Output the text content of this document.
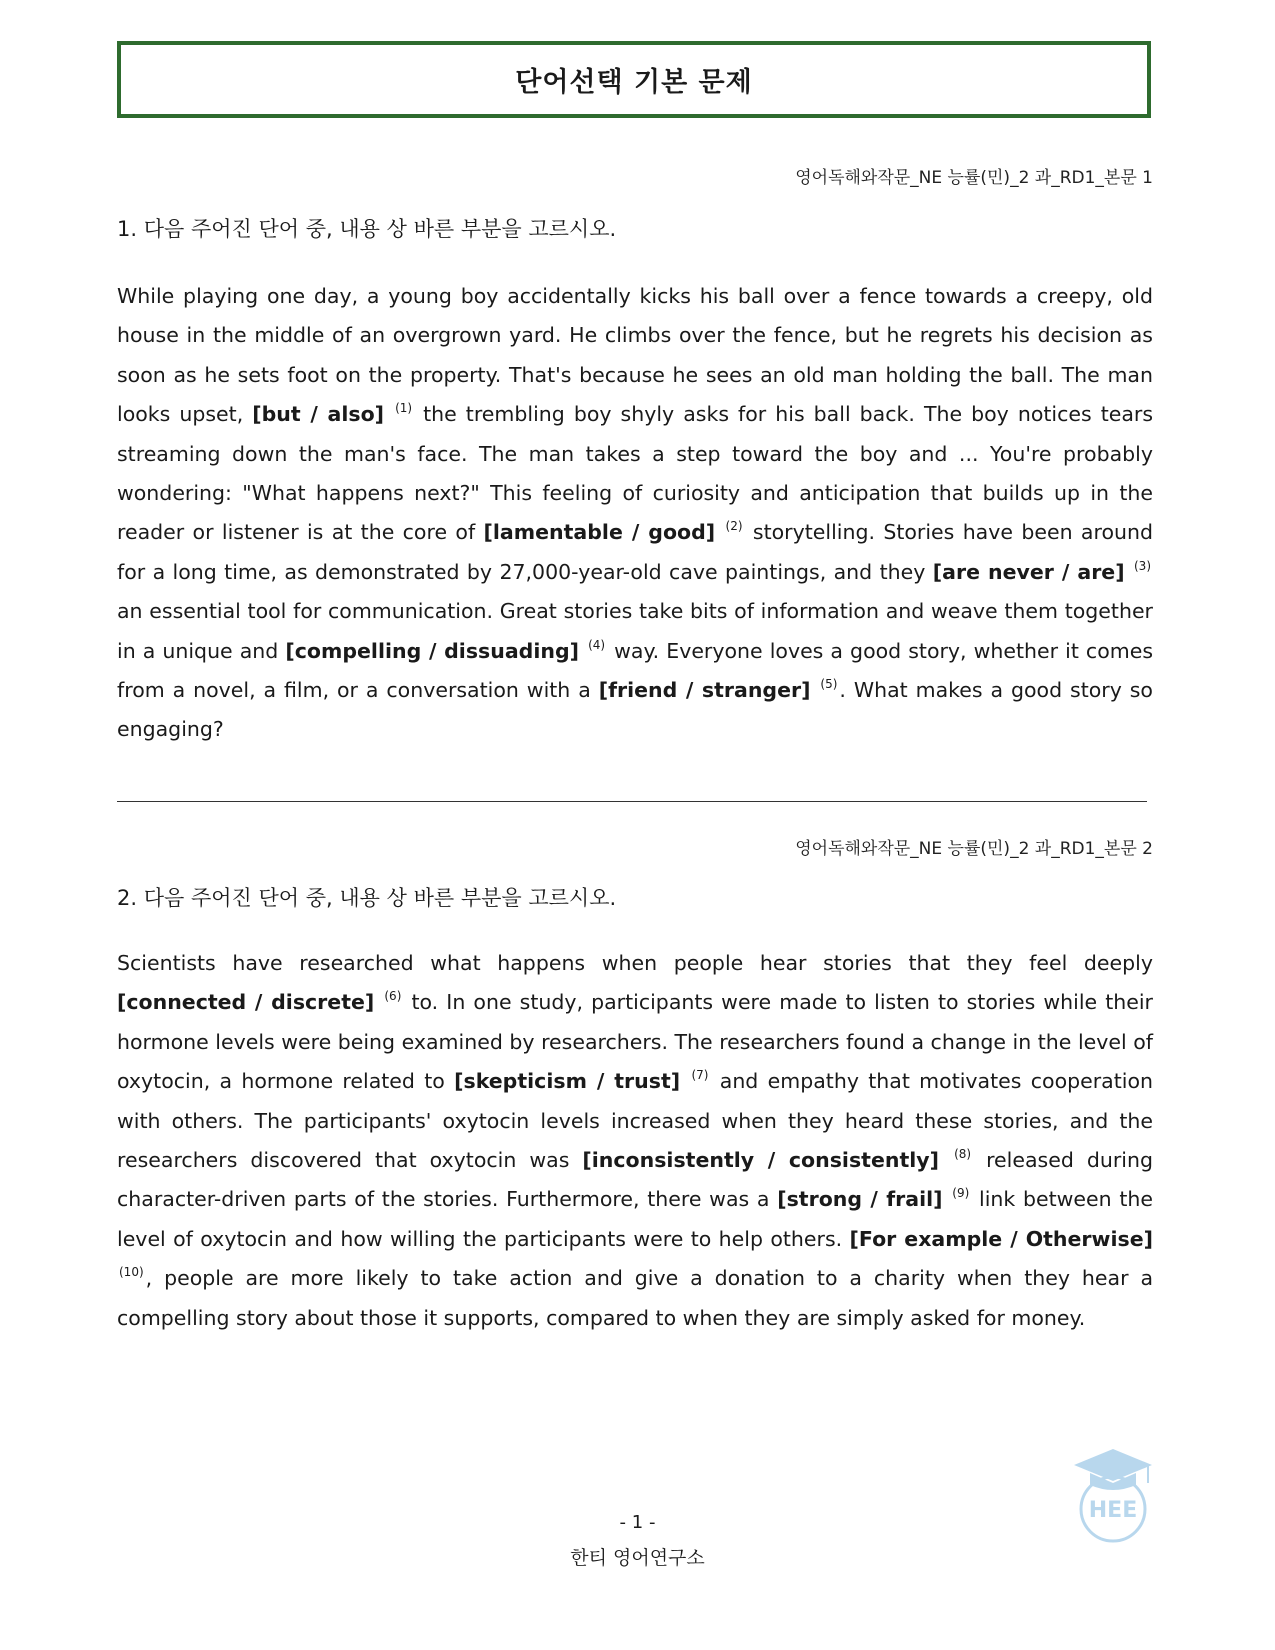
단어선택 기본 문제
영어독해와작문_NE 능률(민)_2 과_RD1_본문 1

1. 다음 주어진 단어 중, 내용 상 바른 부분을 고르시오.

While playing one day, a young boy accidentally kicks his ball over a fence towards a creepy, old house in the middle of an overgrown yard. He climbs over the fence, but he regrets his decision as soon as he sets foot on the property. That's because he sees an old man holding the ball. The man looks upset, [but / also] $^{(1)}$ the trembling boy shyly asks for his ball back. The boy notices tears streaming down the man's face. The man takes a step toward the boy and ... You're probably wondering: "What happens next?" This feeling of curiosity and anticipation that builds up in the reader or listener is at the core of [lamentable / good] $^{(2)}$ storytelling. Stories have been around for a long time, as demonstrated by 27,000-year-old cave paintings, and they [are never / are] $^{(3)}$ an essential tool for communication. Great stories take bits of information and weave them together in a unique and [compelling / dissuading] $^{(4)}$ way. Everyone loves a good story, whether it comes from a novel, a film, or a conversation with a [friend / stranger] $^{(5)}$. What makes a good story so engaging?

영어독해와작문_NE 능률(민)_2 과_RD1_본문 2

2. 다음 주어진 단어 중, 내용 상 바른 부분을 고르시오.

Scientists have researched what happens when people hear stories that they feel deeply [connected / discrete] $^{(6)}$ to. In one study, participants were made to listen to stories while their hormone levels were being examined by researchers. The researchers found a change in the level of oxytocin, a hormone related to [skepticism / trust] $^{(7)}$ and empathy that motivates cooperation with others. The participants' oxytocin levels increased when they heard these stories, and the researchers discovered that oxytocin was [inconsistently / consistently] $^{(8)}$ released during character-driven parts of the stories. Furthermore, there was a [strong / frail] $^{(9)}$ link between the level of oxytocin and how willing the participants were to help others. [For example / Otherwise] $^{(10)}$, people are more likely to take action and give a donation to a charity when they hear a compelling story about those it supports, compared to when they are simply asked for money.

HEE
- 1 -
한티 영어연구소
